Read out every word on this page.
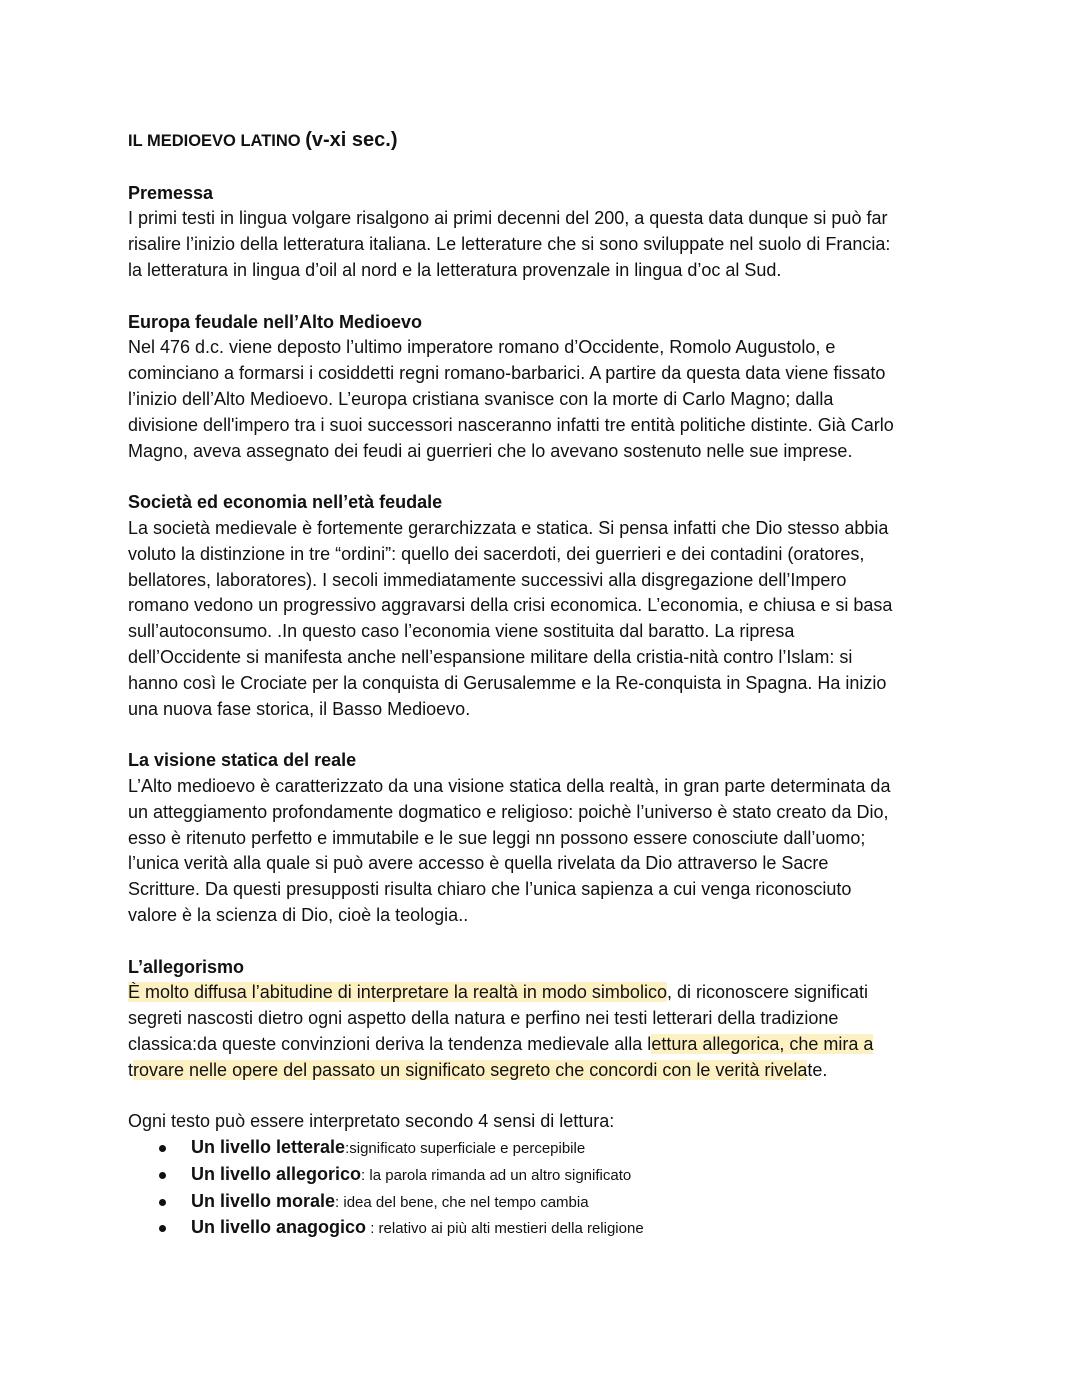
IL MEDIOEVO LATINO (v-xi sec.)
Premessa
I primi testi in lingua volgare risalgono ai primi decenni del 200, a questa data dunque si può far
risalire l’inizio della letteratura italiana. Le letterature che si sono sviluppate nel suolo di Francia:
la letteratura in lingua d’oil al nord e la letteratura provenzale in lingua d’oc al Sud.
Europa feudale nell’Alto Medioevo
Nel 476 d.c. viene deposto l’ultimo imperatore romano d’Occidente, Romolo Augustolo, e
cominciano a formarsi i cosiddetti regni romano-barbarici. A partire da questa data viene fissato
l’inizio dell’Alto Medioevo. L’europa cristiana svanisce con la morte di Carlo Magno; dalla
divisione dell'impero tra i suoi successori nasceranno infatti tre entità politiche distinte. Già Carlo
Magno, aveva assegnato dei feudi ai guerrieri che lo avevano sostenuto nelle sue imprese.
Società ed economia nell’età feudale
La società medievale è fortemente gerarchizzata e statica. Si pensa infatti che Dio stesso abbia
voluto la distinzione in tre “ordini”: quello dei sacerdoti, dei guerrieri e dei contadini (oratores,
bellatores, laboratores). I secoli immediatamente successivi alla disgregazione dell’Impero
romano vedono un progressivo aggravarsi della crisi economica. L’economia, e chiusa e si basa
sull’autoconsumo. .In questo caso l’economia viene sostituita dal baratto. La ripresa
dell’Occidente si manifesta anche nell’espansione militare della cristia-nità contro l’Islam: si
hanno così le Crociate per la conquista di Gerusalemme e la Re-conquista in Spagna. Ha inizio
una nuova fase storica, il Basso Medioevo.
La visione statica del reale
L’Alto medioevo è caratterizzato da una visione statica della realtà, in gran parte determinata da
un atteggiamento profondamente dogmatico e religioso: poichè l’universo è stato creato da Dio,
esso è ritenuto perfetto e immutabile e le sue leggi nn possono essere conosciute dall’uomo;
l’unica verità alla quale si può avere accesso è quella rivelata da Dio attraverso le Sacre
Scritture. Da questi presupposti risulta chiaro che l’unica sapienza a cui venga riconosciuto
valore è la scienza di Dio, cioè la teologia..
L’allegorismo
È molto diffusa l’abitudine di interpretare la realtà in modo simbolico, di riconoscere significati
segreti nascosti dietro ogni aspetto della natura e perfino nei testi letterari della tradizione
classica:da queste convinzioni deriva la tendenza medievale alla lettura allegorica, che mira a
trovare nelle opere del passato un significato segreto che concordi con le verità rivelate.
Ogni testo può essere interpretato secondo 4 sensi di lettura:
Un livello letterale:significato superficiale e percepibile
Un livello allegorico: la parola rimanda ad un altro significato
Un livello morale: idea del bene, che nel tempo cambia
Un livello anagogico : relativo ai più alti mestieri della religione
